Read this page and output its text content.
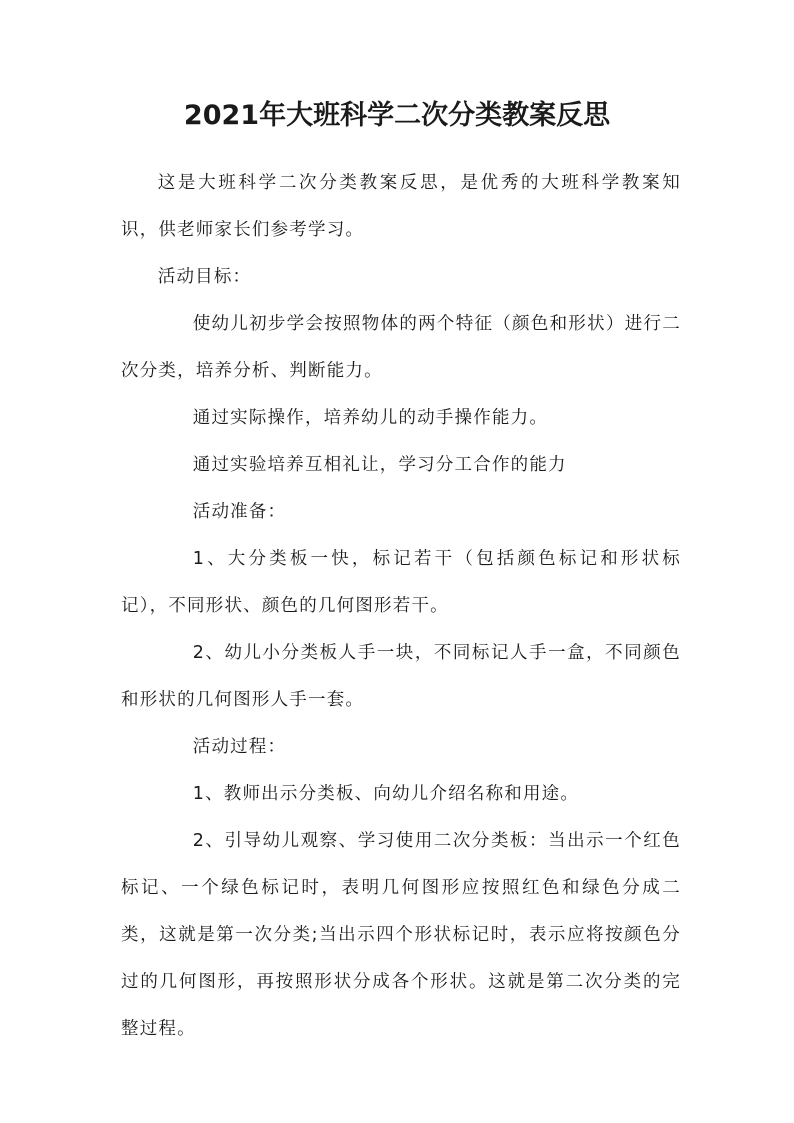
2021年大班科学二次分类教案反思

这是大班科学二次分类教案反思，是优秀的大班科学教案知识，供老师家长们参考学习。

活动目标：

使幼儿初步学会按照物体的两个特征（颜色和形状）进行二次分类，培养分析、判断能力。

通过实际操作，培养幼儿的动手操作能力。

通过实验培养互相礼让，学习分工合作的能力

活动准备：

1、大分类板一快，标记若干（包括颜色标记和形状标记），不同形状、颜色的几何图形若干。

2、幼儿小分类板人手一块，不同标记人手一盒，不同颜色和形状的几何图形人手一套。

活动过程：

1、教师出示分类板、向幼儿介绍名称和用途。

2、引导幼儿观察、学习使用二次分类板：当出示一个红色标记、一个绿色标记时，表明几何图形应按照红色和绿色分成二类，这就是第一次分类;当出示四个形状标记时，表示应将按颜色分过的几何图形，再按照形状分成各个形状。这就是第二次分类的完整过程。
